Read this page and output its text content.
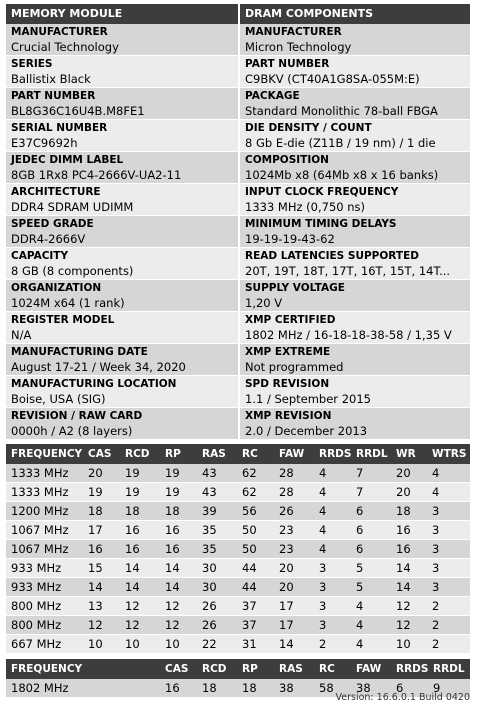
MEMORY MODULE	DRAM COMPONENTS
MANUFACTURER
Crucial Technology
SERIES
Ballistix Black
PART NUMBER
BL8G36C16U4B.M8FE1
SERIAL NUMBER
E37C9692h
JEDEC DIMM LABEL
8GB 1Rx8 PC4-2666V-UA2-11
ARCHITECTURE
DDR4 SDRAM UDIMM
SPEED GRADE
DDR4-2666V
CAPACITY
8 GB (8 components)
ORGANIZATION
1024M x64 (1 rank)
REGISTER MODEL
N/A
MANUFACTURING DATE
August 17-21 / Week 34, 2020
MANUFACTURING LOCATION
Boise, USA (SIG)
REVISION / RAW CARD
0000h / A2 (8 layers)
MANUFACTURER
Micron Technology
PART NUMBER
C9BKV (CT40A1G8SA-055M:E)
PACKAGE
Standard Monolithic 78-ball FBGA
DIE DENSITY / COUNT
8 Gb E-die (Z11B / 19 nm) / 1 die
COMPOSITION
1024Mb x8 (64Mb x8 x 16 banks)
INPUT CLOCK FREQUENCY
1333 MHz (0,750 ns)
MINIMUM TIMING DELAYS
19-19-19-43-62
READ LATENCIES SUPPORTED
20T, 19T, 18T, 17T, 16T, 15T, 14T...
SUPPLY VOLTAGE
1,20 V
XMP CERTIFIED
1802 MHz / 16-18-18-38-58 / 1,35 V
XMP EXTREME
Not programmed
SPD REVISION
1.1 / September 2015
XMP REVISION
2.0 / December 2013
FREQUENCY	CAS	RCD	RP	RAS	RC	FAW	RRDS	RRDL	WR	WTRS
1333 MHz	20	19	19	43	62	28	4	7	20	4
1333 MHz	19	19	19	43	62	28	4	7	20	4
1200 MHz	18	18	18	39	56	26	4	6	18	3
1067 MHz	17	16	16	35	50	23	4	6	16	3
1067 MHz	16	16	16	35	50	23	4	6	16	3
933 MHz	15	14	14	30	44	20	3	5	14	3
933 MHz	14	14	14	30	44	20	3	5	14	3
800 MHz	13	12	12	26	37	17	3	4	12	2
800 MHz	12	12	12	26	37	17	3	4	12	2
667 MHz	10	10	10	22	31	14	2	4	10	2
FREQUENCY		CAS	RCD	RP	RAS	RC	FAW	RRDS	RRDL
1802 MHz		16	18	18	38	58	38	6	9
Version: 16.6.0.1 Build 0420
